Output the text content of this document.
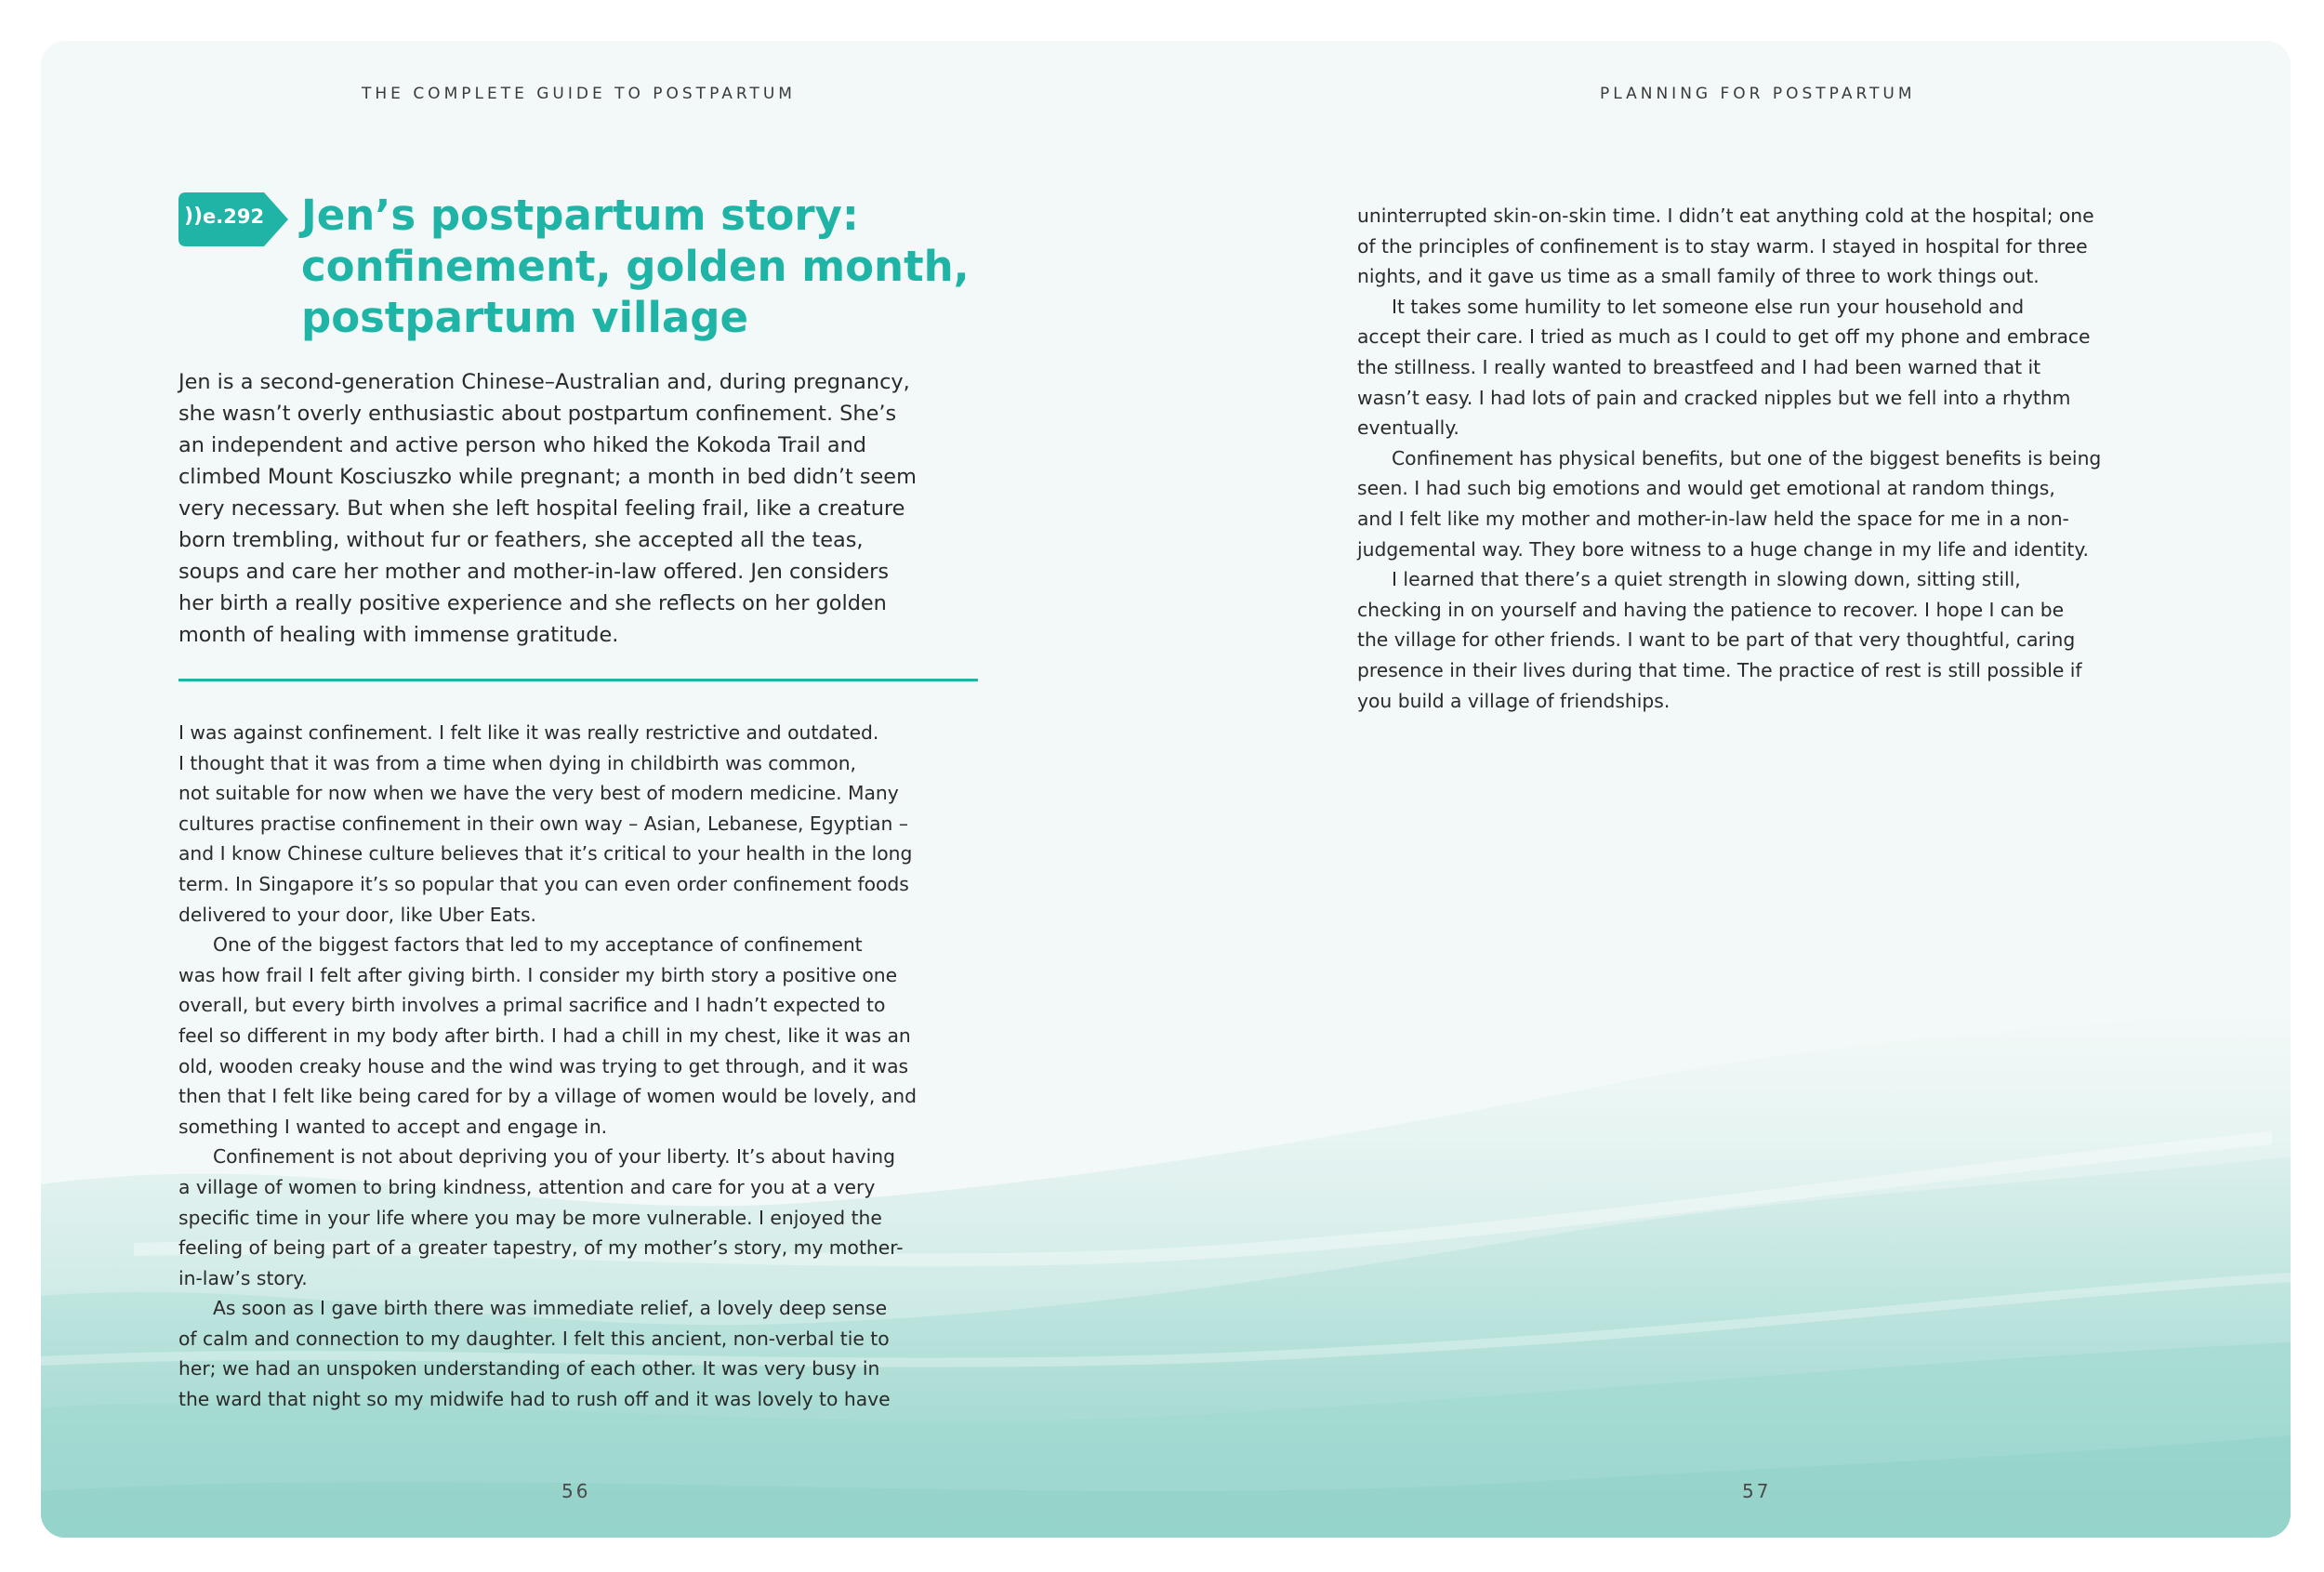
THE COMPLETE GUIDE TO POSTPARTUM	PLANNING FOR POSTPARTUM
)) e.292 Jen’s postpartum story:
confinement, golden month,
postpartum village

Jen is a second-generation Chinese–Australian and, during pregnancy,
she wasn’t overly enthusiastic about postpartum confinement. She’s
an independent and active person who hiked the Kokoda Trail and
climbed Mount Kosciuszko while pregnant; a month in bed didn’t seem
very necessary. But when she left hospital feeling frail, like a creature
born trembling, without fur or feathers, she accepted all the teas,
soups and care her mother and mother-in-law offered. Jen considers
her birth a really positive experience and she reflects on her golden
month of healing with immense gratitude.

I was against confinement. I felt like it was really restrictive and outdated.
I thought that it was from a time when dying in childbirth was common,
not suitable for now when we have the very best of modern medicine. Many
cultures practise confinement in their own way – Asian, Lebanese, Egyptian –
and I know Chinese culture believes that it’s critical to your health in the long
term. In Singapore it’s so popular that you can even order confinement foods
delivered to your door, like Uber Eats.
One of the biggest factors that led to my acceptance of confinement
was how frail I felt after giving birth. I consider my birth story a positive one
overall, but every birth involves a primal sacrifice and I hadn’t expected to
feel so different in my body after birth. I had a chill in my chest, like it was an
old, wooden creaky house and the wind was trying to get through, and it was
then that I felt like being cared for by a village of women would be lovely, and
something I wanted to accept and engage in.
Confinement is not about depriving you of your liberty. It’s about having
a village of women to bring kindness, attention and care for you at a very
specific time in your life where you may be more vulnerable. I enjoyed the
feeling of being part of a greater tapestry, of my mother’s story, my mother-
in-law’s story.
As soon as I gave birth there was immediate relief, a lovely deep sense
of calm and connection to my daughter. I felt this ancient, non-verbal tie to
her; we had an unspoken understanding of each other. It was very busy in
the ward that night so my midwife had to rush off and it was lovely to have
uninterrupted skin-on-skin time. I didn’t eat anything cold at the hospital; one
of the principles of confinement is to stay warm. I stayed in hospital for three
nights, and it gave us time as a small family of three to work things out.
It takes some humility to let someone else run your household and
accept their care. I tried as much as I could to get off my phone and embrace
the stillness. I really wanted to breastfeed and I had been warned that it
wasn’t easy. I had lots of pain and cracked nipples but we fell into a rhythm
eventually.
Confinement has physical benefits, but one of the biggest benefits is being
seen. I had such big emotions and would get emotional at random things,
and I felt like my mother and mother-in-law held the space for me in a non-
judgemental way. They bore witness to a huge change in my life and identity.
I learned that there’s a quiet strength in slowing down, sitting still,
checking in on yourself and having the patience to recover. I hope I can be
the village for other friends. I want to be part of that very thoughtful, caring
presence in their lives during that time. The practice of rest is still possible if
you build a village of friendships.
56	57
